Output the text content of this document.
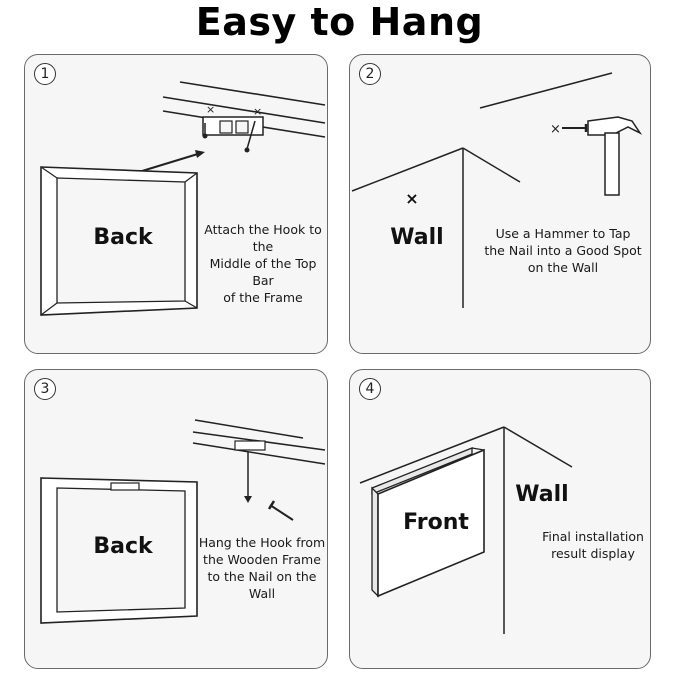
Easy to Hang
1
×	×
Back	Attach the Hook to the
Middle of the Top Bar
of the Frame
2
×
×
Wall	Use a Hammer to Tap
the Nail into a Good Spot
on the Wall
3
Back	Hang the Hook from
the Wooden Frame
to the Nail on the Wall
4
Front
Wall
Final installation
result display
